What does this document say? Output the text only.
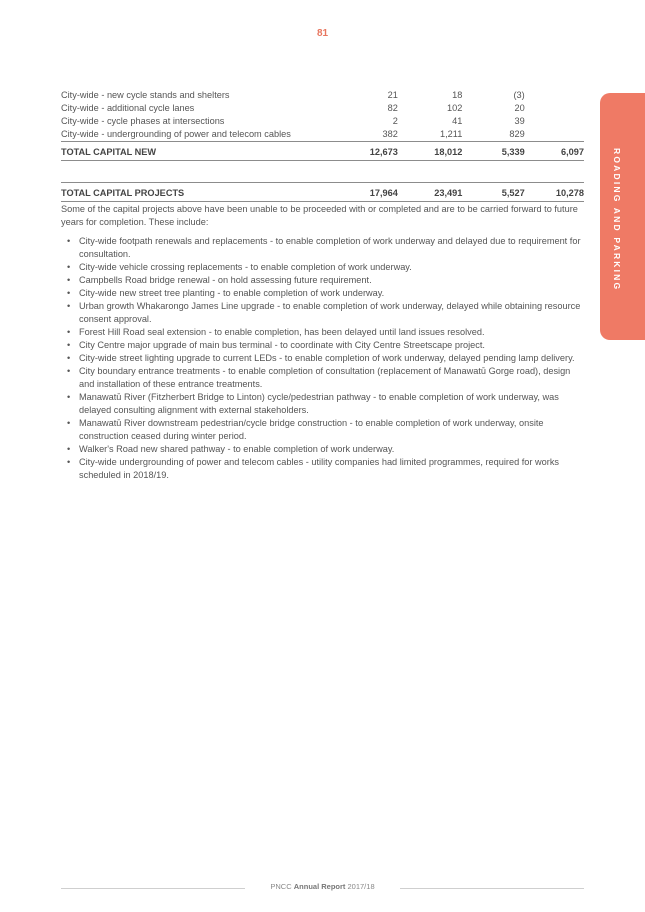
81
ROADING AND PARKING
City-wide - new cycle stands and shelters	21	18	(3)	
City-wide - additional cycle lanes	82	102	20	
City-wide - cycle phases at intersections	2	41	39	
City-wide - undergrounding of power and telecom cables	382	1,211	829	
TOTAL CAPITAL NEW	12,673	18,012	5,339	6,097

TOTAL CAPITAL PROJECTS	17,964	23,491	5,527	10,278

Some of the capital projects above have been unable to be proceeded with or completed and are to be carried forward to future years for completion. These include:

• City-wide footpath renewals and replacements - to enable completion of work underway and delayed due to requirement for consultation.
• City-wide vehicle crossing replacements - to enable completion of work underway.
• Campbells Road bridge renewal - on hold assessing future requirement.
• City-wide new street tree planting - to enable completion of work underway.
• Urban growth Whakarongo James Line upgrade - to enable completion of work underway, delayed while obtaining resource consent approval.
• Forest Hill Road seal extension - to enable completion, has been delayed until land issues resolved.
• City Centre major upgrade of main bus terminal - to coordinate with City Centre Streetscape project.
• City-wide street lighting upgrade to current LEDs - to enable completion of work underway, delayed pending lamp delivery.
• City boundary entrance treatments - to enable completion of consultation (replacement of Manawatū Gorge road), design and installation of these entrance treatments.
• Manawatū River (Fitzherbert Bridge to Linton) cycle/pedestrian pathway - to enable completion of work underway, was delayed consulting alignment with external stakeholders.
• Manawatū River downstream pedestrian/cycle bridge construction - to enable completion of work underway, onsite construction ceased during winter period.
• Walker's Road new shared pathway - to enable completion of work underway.
• City-wide undergrounding of power and telecom cables - utility companies had limited programmes, required for works scheduled in 2018/19.
PNCC Annual Report 2017/18
